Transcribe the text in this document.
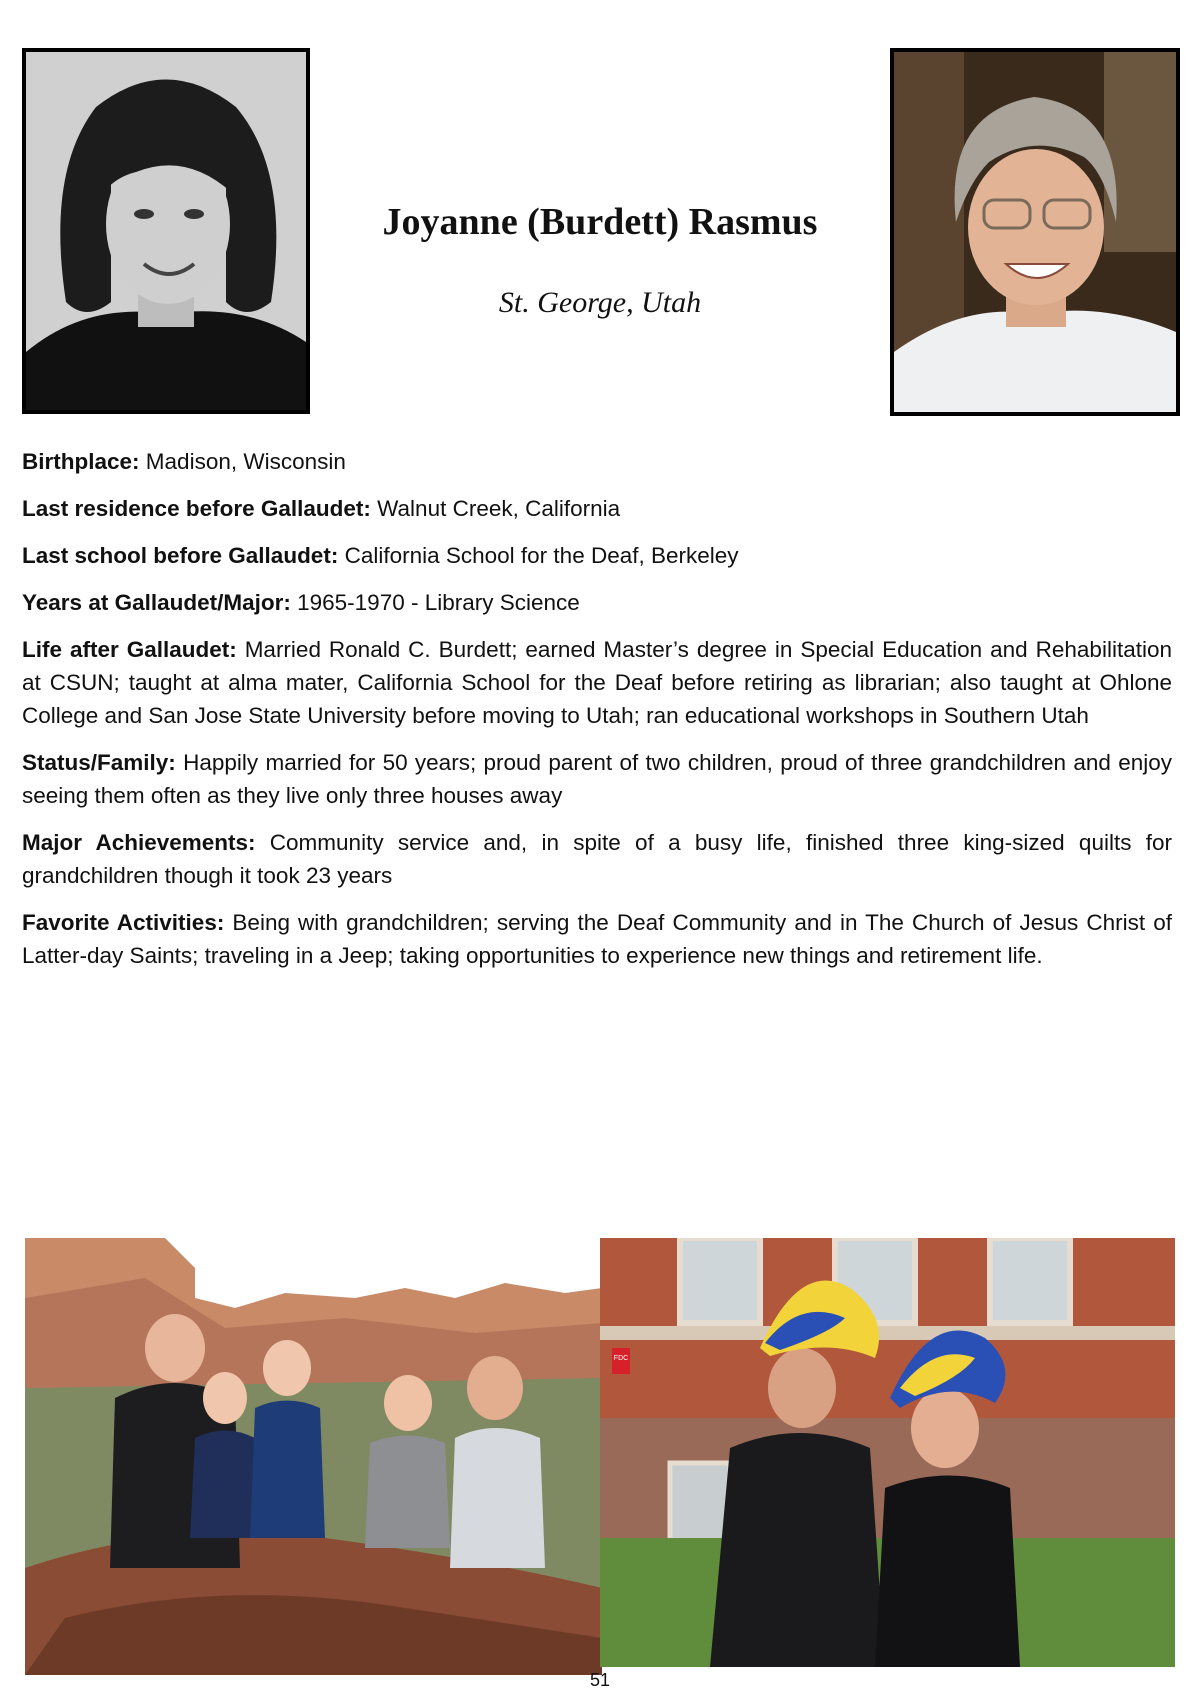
Joyanne (Burdett) Rasmus
St. George, Utah

Birthplace: Madison, Wisconsin

Last residence before Gallaudet: Walnut Creek, California

Last school before Gallaudet: California School for the Deaf, Berkeley

Years at Gallaudet/Major: 1965-1970 - Library Science

Life after Gallaudet: Married Ronald C. Burdett; earned Master’s degree in Special Education and Rehabilitation at CSUN; taught at alma mater, California School for the Deaf before retiring as librarian; also taught at Ohlone College and San Jose State University before moving to Utah; ran educational workshops in Southern Utah

Status/Family: Happily married for 50 years; proud parent of two children, proud of three grandchildren and enjoy seeing them often as they live only three houses away

Major Achievements: Community service and, in spite of a busy life, finished three king-sized quilts for grandchildren though it took 23 years

Favorite Activities: Being with grandchildren; serving the Deaf Community and in The Church of Jesus Christ of Latter-day Saints; traveling in a Jeep; taking opportunities to experience new things and retirement life.

FDC

51
